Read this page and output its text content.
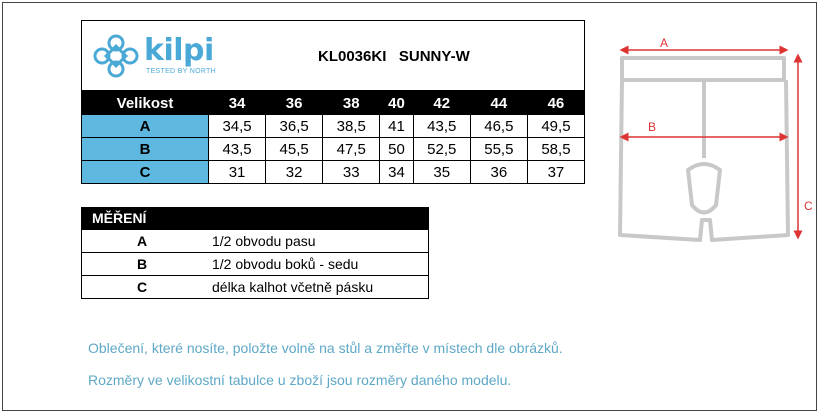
kilpi
TESTED BY NORTH
KL0036KI SUNNY-W
Velikost	34	36	38	40	42	44	46
A	34,5	36,5	38,5	41	43,5	46,5	49,5
B	43,5	45,5	47,5	50	52,5	55,5	58,5
C	31	32	33	34	35	36	37
MĚŘENÍ	
A	1/2 obvodu pasu
B	1/2 obvodu boků - sedu
C	délka kalhot včetně pásku
Oblečení, které nosíte, položte volně na stůl a změřte v místech dle obrázků.
Rozměry ve velikostní tabulce u zboží jsou rozměry daného modelu.
A
B
C
